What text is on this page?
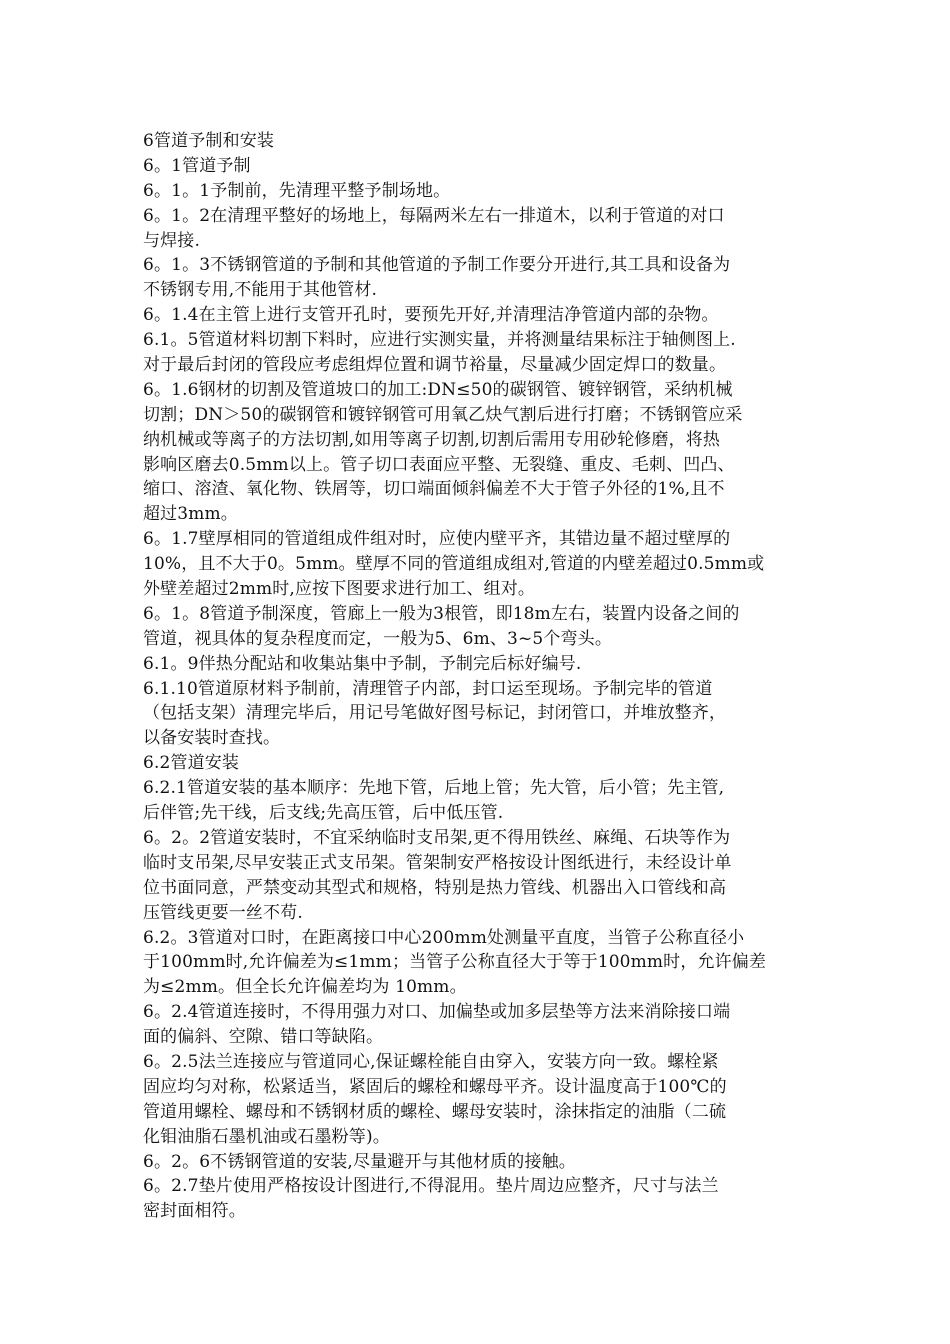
6管道予制和安装
6。1管道予制
6。1。1予制前，先清理平整予制场地。
6。1。2在清理平整好的场地上，每隔两米左右一排道木，以利于管道的对口
与焊接.
6。1。3不锈钢管道的予制和其他管道的予制工作要分开进行,其工具和设备为
不锈钢专用,不能用于其他管材.
6。1.4在主管上进行支管开孔时，要预先开好,并清理洁净管道内部的杂物。
6.1。5管道材料切割下料时，应进行实测实量，并将测量结果标注于轴侧图上.
对于最后封闭的管段应考虑组焊位置和调节裕量，尽量减少固定焊口的数量。
6。1.6钢材的切割及管道坡口的加工:DN≤50的碳钢管、镀锌钢管，采纳机械
切割；DN＞50的碳钢管和镀锌钢管可用氧乙炔气割后进行打磨；不锈钢管应采
纳机械或等离子的方法切割,如用等离子切割,切割后需用专用砂轮修磨，将热
影响区磨去0.5mm以上。管子切口表面应平整、无裂缝、重皮、毛刺、凹凸、
缩口、溶渣、氧化物、铁屑等，切口端面倾斜偏差不大于管子外径的1%,且不
超过3mm。
6。1.7壁厚相同的管道组成件组对时，应使内壁平齐，其错边量不超过壁厚的
10%，且不大于0。5mm。壁厚不同的管道组成组对,管道的内壁差超过0.5mm或
外壁差超过2mm时,应按下图要求进行加工、组对。
6。1。8管道予制深度，管廊上一般为3根管，即18m左右，装置内设备之间的
管道，视具体的复杂程度而定，一般为5、6m、3~5个弯头。
6.1。9伴热分配站和收集站集中予制，予制完后标好编号.
6.1.10管道原材料予制前，清理管子内部，封口运至现场。予制完毕的管道
（包括支架）清理完毕后，用记号笔做好图号标记，封闭管口，并堆放整齐，
以备安装时查找。
6.2管道安装
6.2.1管道安装的基本顺序：先地下管，后地上管；先大管，后小管；先主管,
后伴管;先干线，后支线;先高压管，后中低压管.
6。2。2管道安装时，不宜采纳临时支吊架,更不得用铁丝、麻绳、石块等作为
临时支吊架,尽早安装正式支吊架。管架制安严格按设计图纸进行，未经设计单
位书面同意，严禁变动其型式和规格，特别是热力管线、机器出入口管线和高
压管线更要一丝不苟.
6.2。3管道对口时，在距离接口中心200mm处测量平直度，当管子公称直径小
于100mm时,允许偏差为≤1mm；当管子公称直径大于等于100mm时，允许偏差
为≤2mm。但全长允许偏差均为 10mm。
6。2.4管道连接时，不得用强力对口、加偏垫或加多层垫等方法来消除接口端
面的偏斜、空隙、错口等缺陷。
6。2.5法兰连接应与管道同心,保证螺栓能自由穿入，安装方向一致。螺栓紧
固应均匀对称，松紧适当，紧固后的螺栓和螺母平齐。设计温度高于100℃的
管道用螺栓、螺母和不锈钢材质的螺栓、螺母安装时，涂抹指定的油脂（二硫
化钼油脂石墨机油或石墨粉等)。
6。2。6不锈钢管道的安装,尽量避开与其他材质的接触。
6。2.7垫片使用严格按设计图进行,不得混用。垫片周边应整齐，尺寸与法兰
密封面相符。
